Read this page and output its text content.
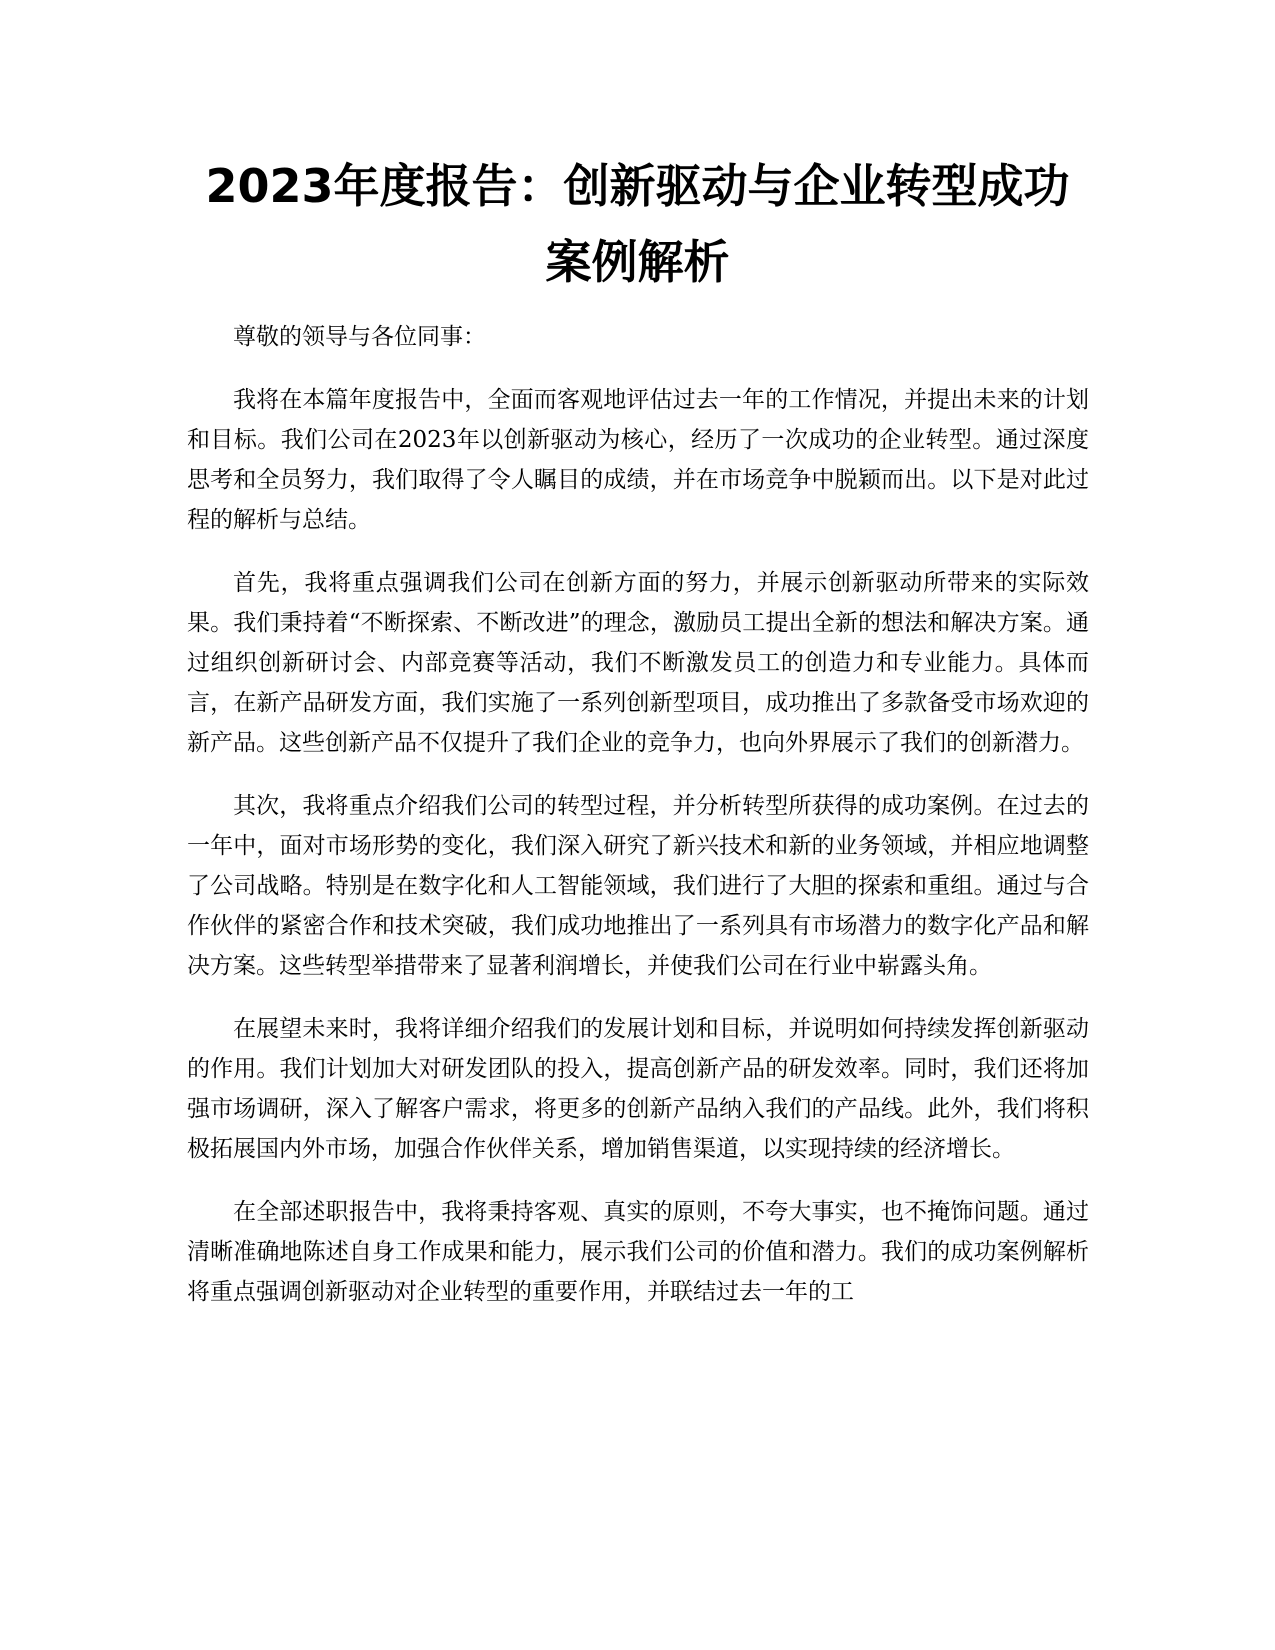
2023年度报告：创新驱动与企业转型成功案例解析

尊敬的领导与各位同事：

我将在本篇年度报告中，全面而客观地评估过去一年的工作情况，并提出未来的计划和目标。我们公司在2023年以创新驱动为核心，经历了一次成功的企业转型。通过深度思考和全员努力，我们取得了令人瞩目的成绩，并在市场竞争中脱颖而出。以下是对此过程的解析与总结。

首先，我将重点强调我们公司在创新方面的努力，并展示创新驱动所带来的实际效果。我们秉持着“不断探索、不断改进”的理念，激励员工提出全新的想法和解决方案。通过组织创新研讨会、内部竞赛等活动，我们不断激发员工的创造力和专业能力。具体而言，在新产品研发方面，我们实施了一系列创新型项目，成功推出了多款备受市场欢迎的新产品。这些创新产品不仅提升了我们企业的竞争力，也向外界展示了我们的创新潜力。

其次，我将重点介绍我们公司的转型过程，并分析转型所获得的成功案例。在过去的一年中，面对市场形势的变化，我们深入研究了新兴技术和新的业务领域，并相应地调整了公司战略。特别是在数字化和人工智能领域，我们进行了大胆的探索和重组。通过与合作伙伴的紧密合作和技术突破，我们成功地推出了一系列具有市场潜力的数字化产品和解决方案。这些转型举措带来了显著利润增长，并使我们公司在行业中崭露头角。

在展望未来时，我将详细介绍我们的发展计划和目标，并说明如何持续发挥创新驱动的作用。我们计划加大对研发团队的投入，提高创新产品的研发效率。同时，我们还将加强市场调研，深入了解客户需求，将更多的创新产品纳入我们的产品线。此外，我们将积极拓展国内外市场，加强合作伙伴关系，增加销售渠道，以实现持续的经济增长。

在全部述职报告中，我将秉持客观、真实的原则，不夸大事实，也不掩饰问题。通过清晰准确地陈述自身工作成果和能力，展示我们公司的价值和潜力。我们的成功案例解析将重点强调创新驱动对企业转型的重要作用，并联结过去一年的工
